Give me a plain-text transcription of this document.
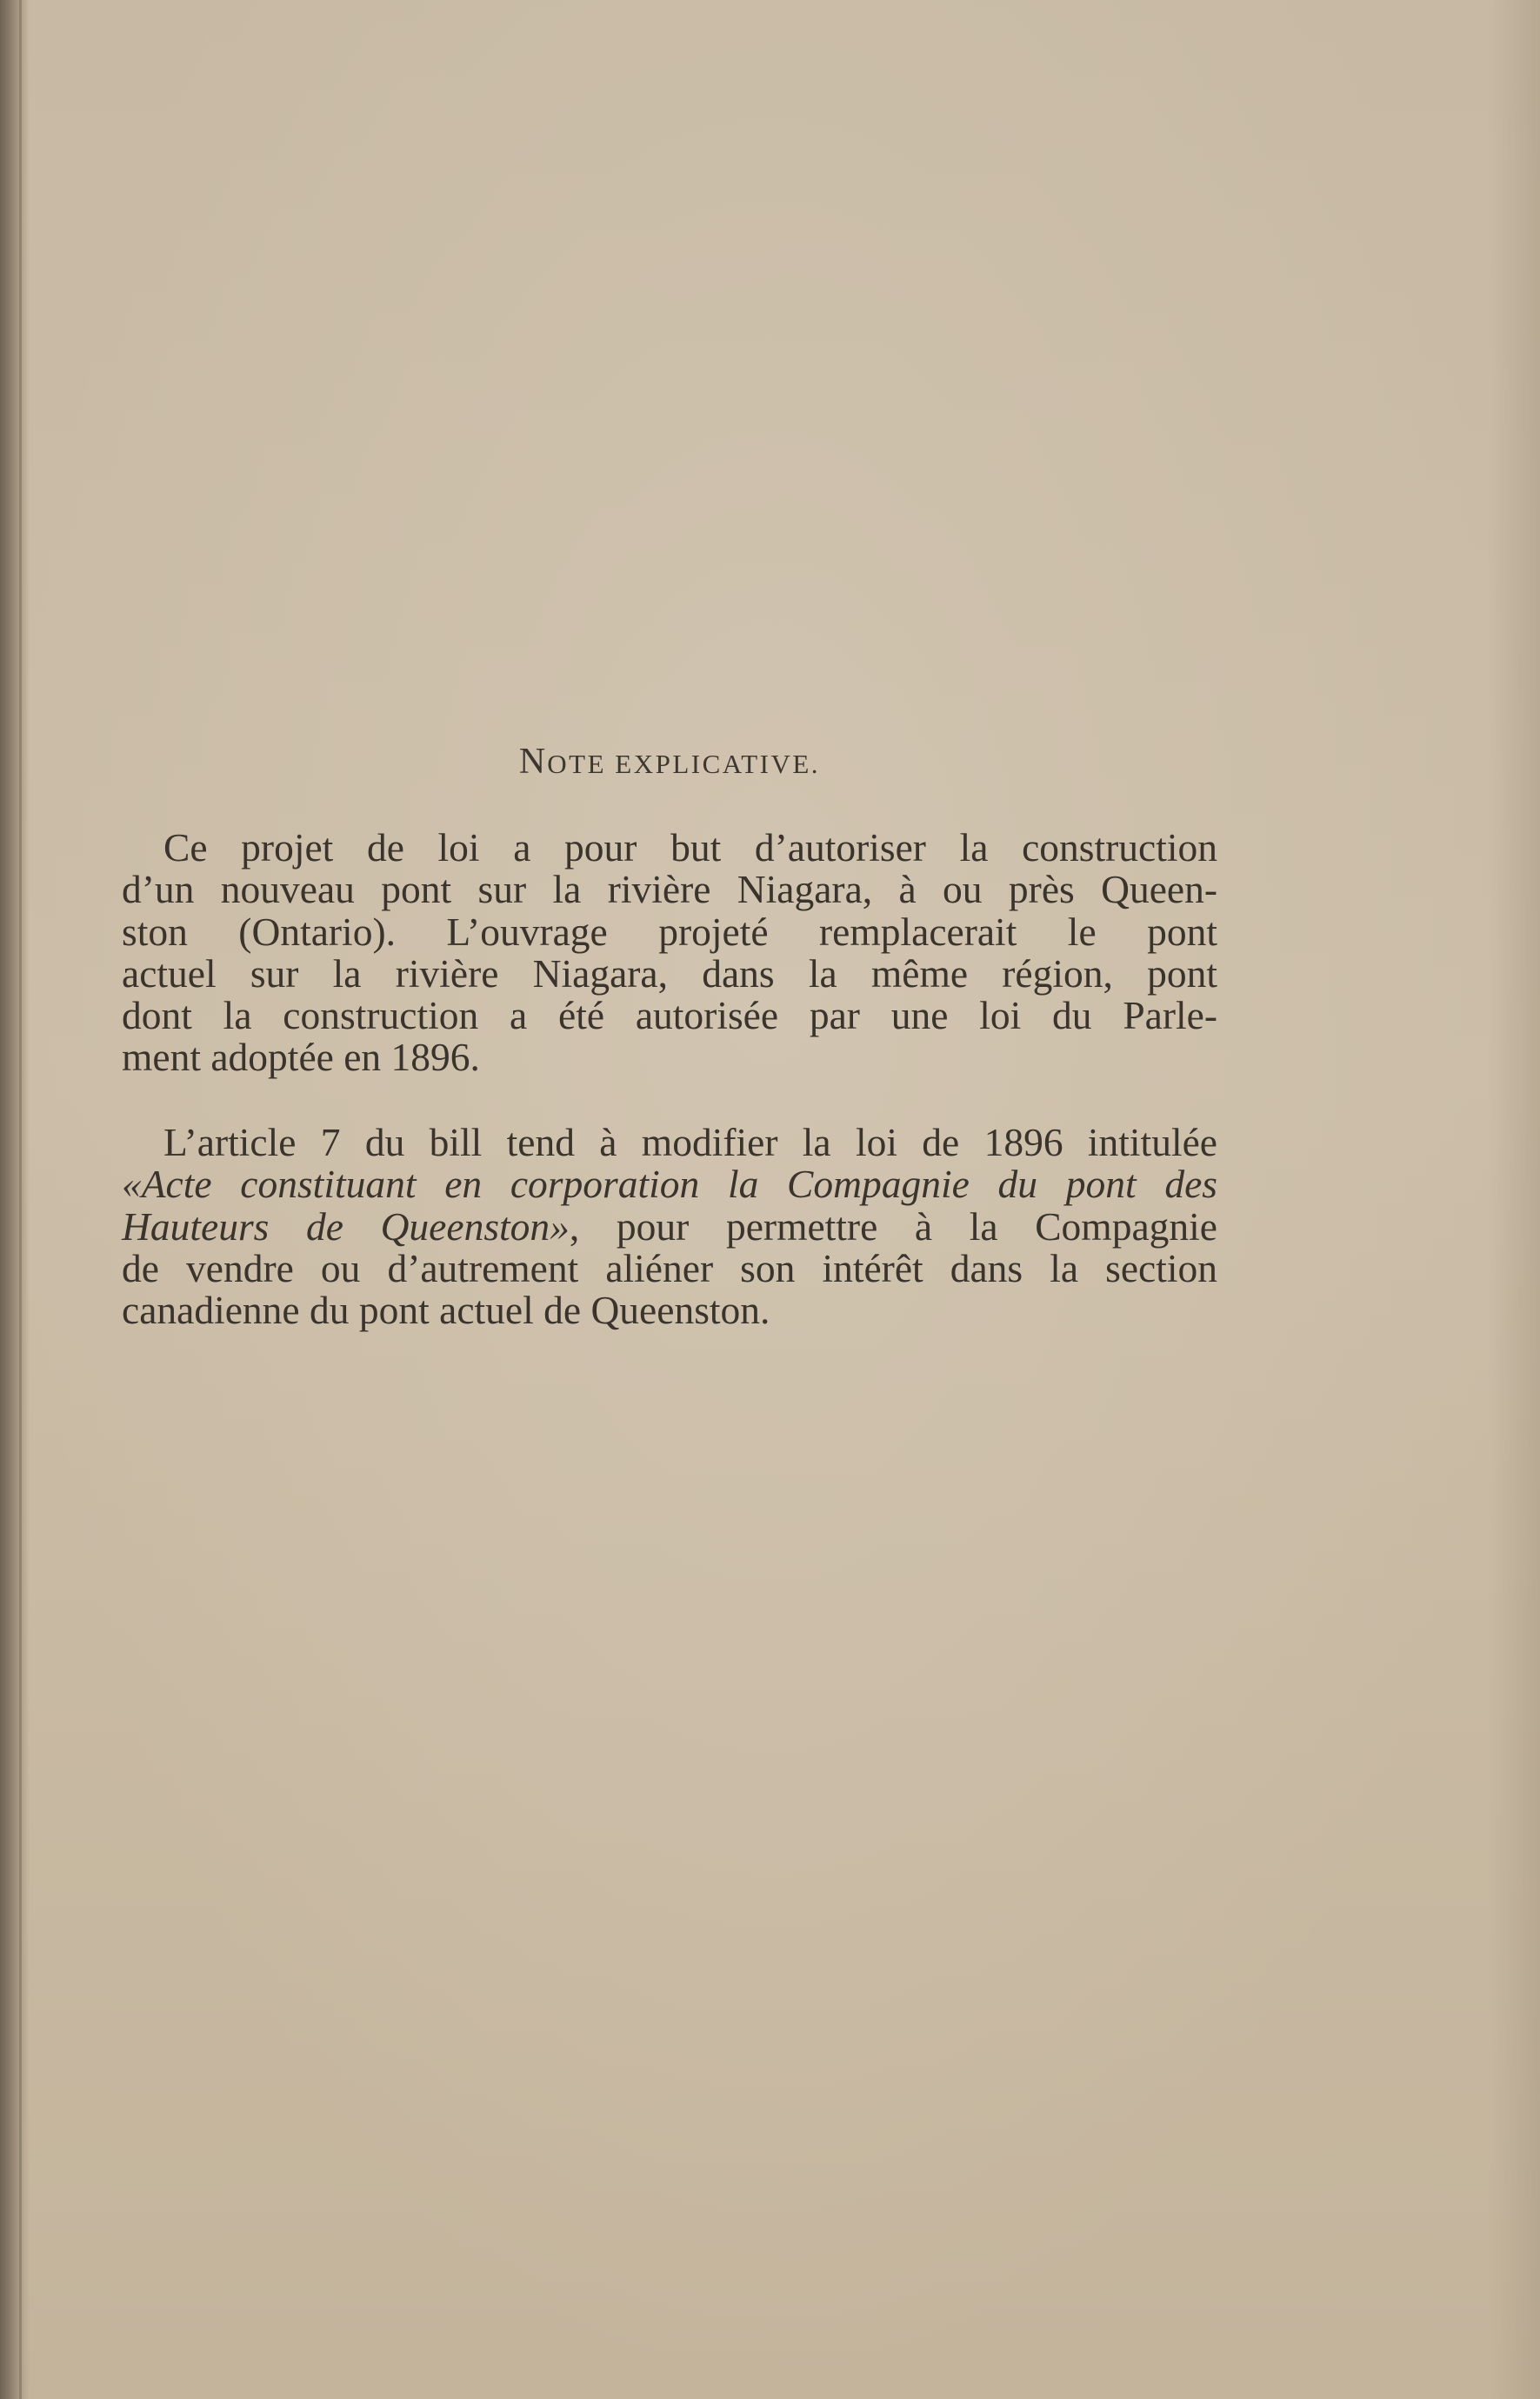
NOTE EXPLICATIVE.
Ce projet de loi a pour but d’autoriser la construction
d’un nouveau pont sur la rivière Niagara, à ou près Queen-
ston (Ontario). L’ouvrage projeté remplacerait le pont
actuel sur la rivière Niagara, dans la même région, pont
dont la construction a été autorisée par une loi du Parle-
ment adoptée en 1896.
L’article 7 du bill tend à modifier la loi de 1896 intitulée
«Acte constituant en corporation la Compagnie du pont des
Hauteurs de Queenston», pour permettre à la Compagnie
de vendre ou d’autrement aliéner son intérêt dans la section
canadienne du pont actuel de Queenston.
